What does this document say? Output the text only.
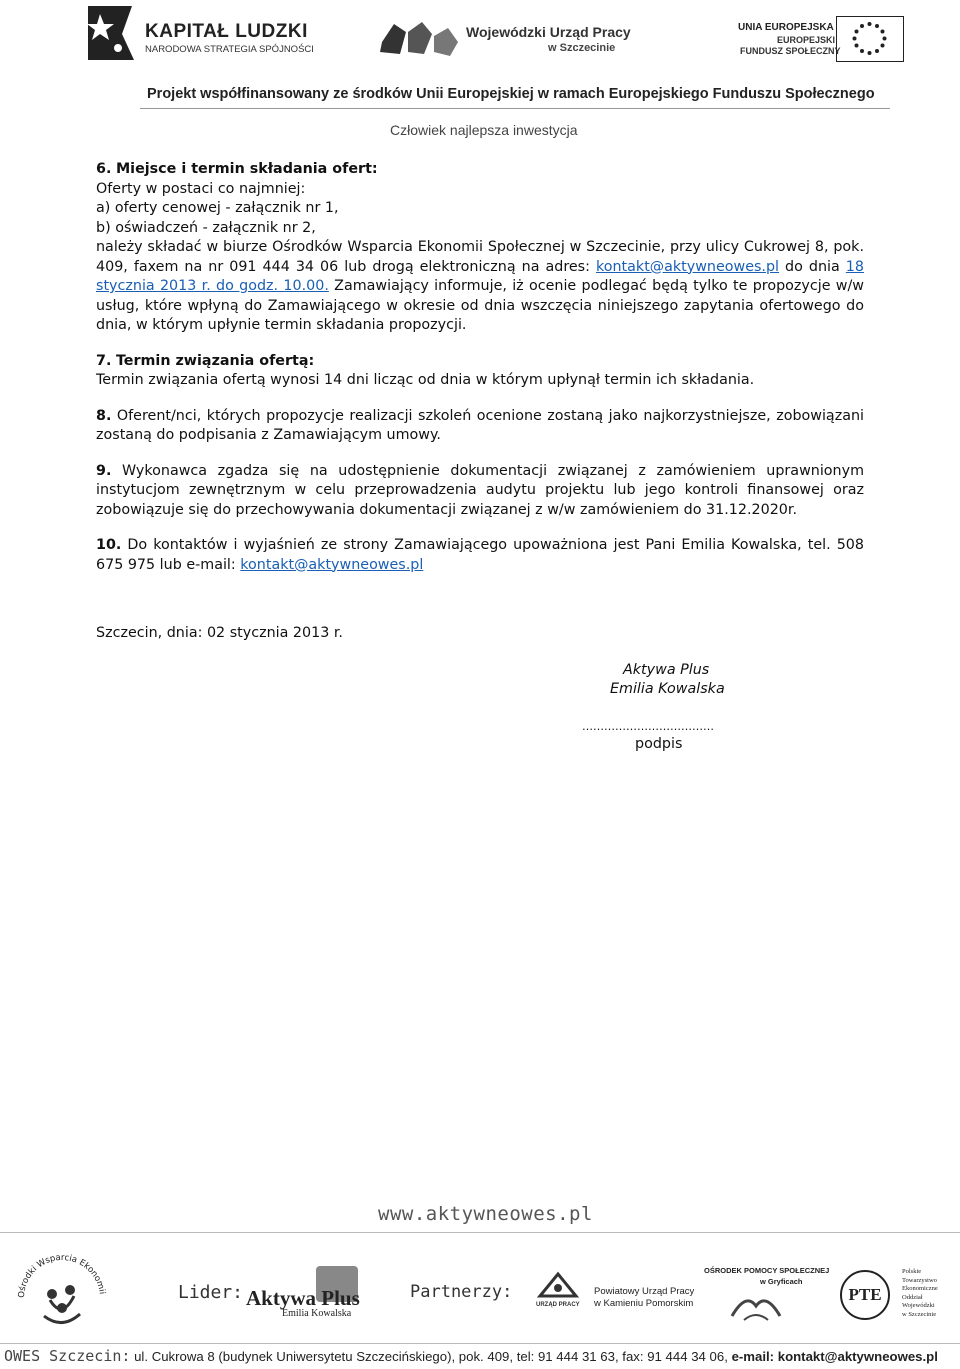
KAPITAŁ LUDZKI
NARODOWA STRATEGIA SPÓJNOŚCI
Wojewódzki Urząd Pracy
w Szczecinie
UNIA EUROPEJSKA
EUROPEJSKI
FUNDUSZ SPOŁECZNY
Projekt współfinansowany ze środków Unii Europejskiej w ramach Europejskiego Funduszu Społecznego
Człowiek najlepsza inwestycja

6. Miejsce i termin składania ofert:

Oferty w postaci co najmniej:

a) oferty cenowej - załącznik nr 1,

b) oświadczeń - załącznik nr 2,

należy składać w biurze Ośrodków Wsparcia Ekonomii Społecznej w Szczecinie, przy ulicy Cukrowej 8, pok. 409, faxem na nr 091 444 34 06 lub drogą elektroniczną na adres: kontakt@aktywneowes.pl do dnia 18 stycznia 2013 r. do godz. 10.00. Zamawiający informuje, iż ocenie podlegać będą tylko te propozycje w/w usług, które wpłyną do Zamawiającego w okresie od dnia wszczęcia niniejszego zapytania ofertowego do dnia, w którym upłynie termin składania propozycji.

7. Termin związania ofertą:

Termin związania ofertą wynosi 14 dni licząc od dnia w którym upłynął termin ich składania.

8. Oferent/nci, których propozycje realizacji szkoleń ocenione zostaną jako najkorzystniejsze, zobowiązani zostaną do podpisania z Zamawiającym umowy.

9. Wykonawca zgadza się na udostępnienie dokumentacji związanej z zamówieniem uprawnionym instytucjom zewnętrznym w celu przeprowadzenia audytu projektu lub jego kontroli finansowej oraz zobowiązuje się do przechowywania dokumentacji związanej z w/w zamówieniem do 31.12.2020r.

10. Do kontaktów i wyjaśnień ze strony Zamawiającego upoważniona jest Pani Emilia Kowalska, tel. 508 675 975 lub e-mail: kontakt@aktywneowes.pl

Szczecin, dnia: 02 stycznia 2013 r.
Aktywa Plus
Emilia Kowalska
………………………………
podpis
www.aktywneowes.pl
Ośrodki Wsparcia Ekonomii	Lider: Aktywa Plus
Emilia Kowalska
Partnerzy:
URZĄD PRACY
Powiatowy Urząd Pracy
w Kamieniu Pomorskim
OŚRODEK POMOCY SPOŁECZNEJ
w Gryficach
PTE
Polskie
Towarzystwo
Ekonomiczne
Oddział
Wojewódzki
w Szczecinie
OWES Szczecin: ul. Cukrowa 8 (budynek Uniwersytetu Szczecińskiego), pok. 409, tel: 91 444 31 63, fax: 91 444 34 06, e-mail: kontakt@aktywneowes.pl
